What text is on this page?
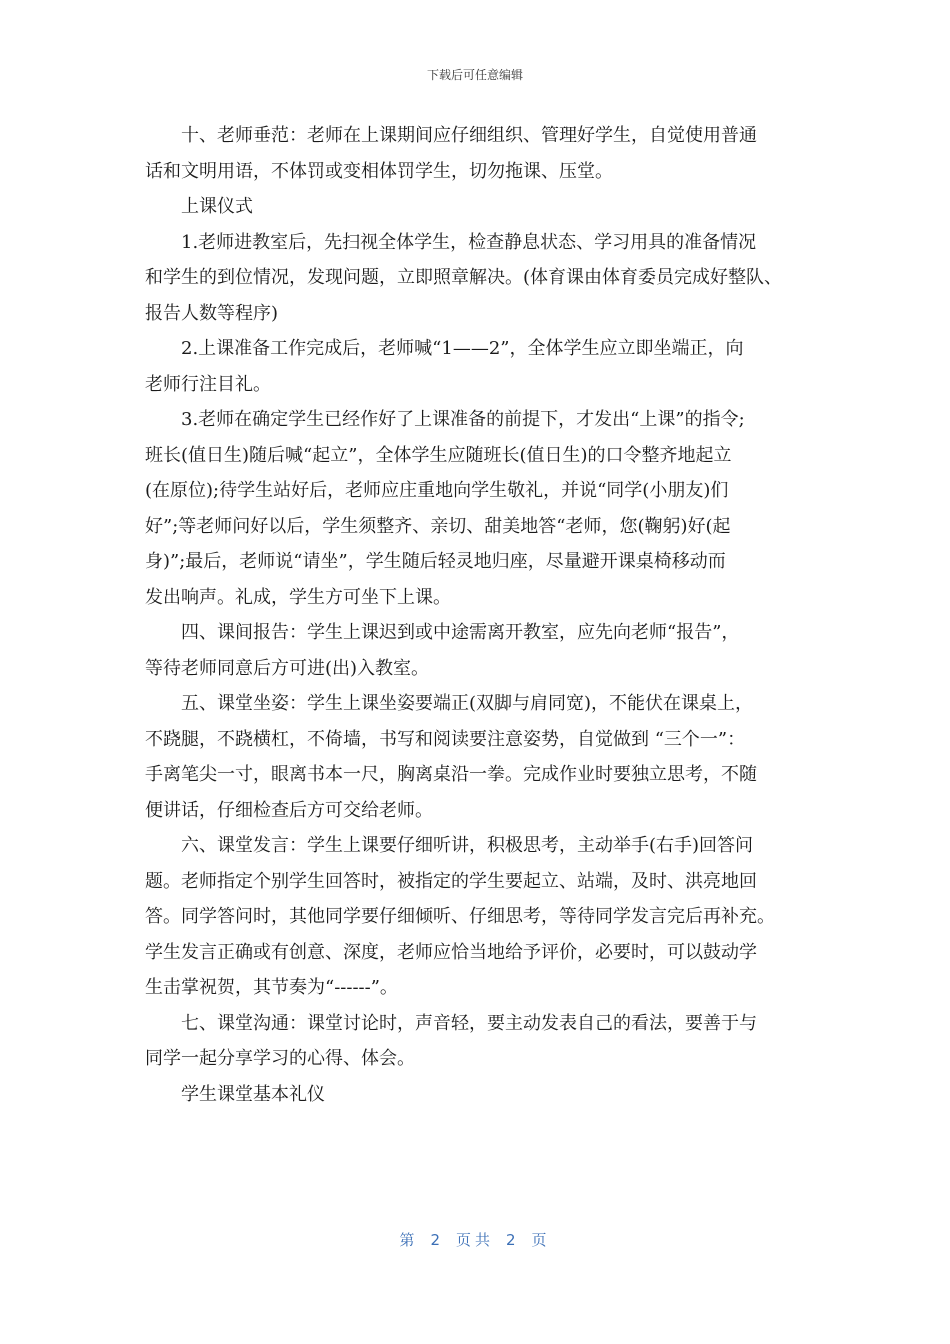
下载后可任意编辑

十、老师垂范：老师在上课期间应仔细组织、管理好学生，自觉使用普通
话和文明用语，不体罚或变相体罚学生，切勿拖课、压堂。

上课仪式

1.老师进教室后，先扫视全体学生，检查静息状态、学习用具的准备情况
和学生的到位情况，发现问题，立即照章解决。(体育课由体育委员完成好整队、
报告人数等程序)

2.上课准备工作完成后，老师喊“1——2”，全体学生应立即坐端正，向
老师行注目礼。

3.老师在确定学生已经作好了上课准备的前提下，才发出“上课”的指令;
班长(值日生)随后喊“起立”，全体学生应随班长(值日生)的口令整齐地起立
(在原位);待学生站好后，老师应庄重地向学生敬礼，并说“同学(小朋友)们
好”;等老师问好以后，学生须整齐、亲切、甜美地答“老师，您(鞠躬)好(起
身)”;最后，老师说“请坐”，学生随后轻灵地归座，尽量避开课桌椅移动而
发出响声。礼成，学生方可坐下上课。

四、课间报告：学生上课迟到或中途需离开教室，应先向老师“报告”，
等待老师同意后方可进(出)入教室。

五、课堂坐姿：学生上课坐姿要端正(双脚与肩同宽)，不能伏在课桌上，
不跷腿，不跷横杠，不倚墙，书写和阅读要注意姿势，自觉做到 “三个一”：
手离笔尖一寸，眼离书本一尺，胸离桌沿一拳。完成作业时要独立思考，不随
便讲话，仔细检查后方可交给老师。

六、课堂发言：学生上课要仔细听讲，积极思考，主动举手(右手)回答问
题。老师指定个别学生回答时，被指定的学生要起立、站端，及时、洪亮地回
答。同学答问时，其他同学要仔细倾听、仔细思考，等待同学发言完后再补充。
学生发言正确或有创意、深度，老师应恰当地给予评价，必要时，可以鼓动学
生击掌祝贺，其节奏为“------”。

七、课堂沟通：课堂讨论时，声音轻，要主动发表自己的看法，要善于与
同学一起分享学习的心得、体会。

学生课堂基本礼仪

第 2 页共 2 页
